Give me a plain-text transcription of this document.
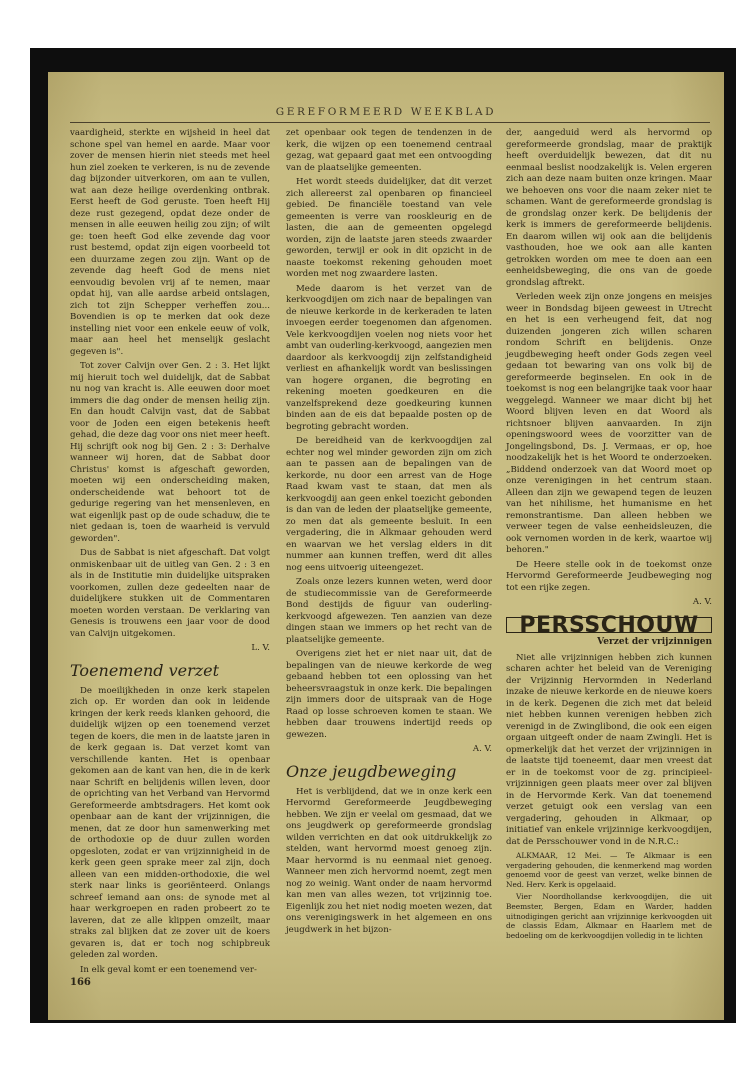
GEREFORMEERD WEEKBLAD

vaardigheid, sterkte en wijsheid in heel dat schone spel van hemel en aarde. Maar voor zover de mensen hierin niet steeds met heel hun ziel zoeken te verkeren, is nu de zevende dag bijzonder uitverkoren, om aan te vullen, wat aan deze heilige overdenking ontbrak. Eerst heeft de God geruste. Toen heeft Hij deze rust gezegend, opdat deze onder de mensen in alle eeuwen heilig zou zijn; of wilt ge: toen heeft God elke zevende dag voor rust bestemd, opdat zijn eigen voorbeeld tot een duurzame zegen zou zijn. Want op de zevende dag heeft God de mens niet eenvoudig bevolen vrij af te nemen, maar opdat hij, van alle aardse arbeid ontslagen, zich tot zijn Schepper verheffen zou... Bovendien is op te merken dat ook deze instelling niet voor een enkele eeuw of volk, maar aan heel het menselijk geslacht gegeven is".

Tot zover Calvijn over Gen. 2 : 3. Het lijkt mij hieruit toch wel duidelijk, dat de Sabbat nu nog van kracht is. Alle eeuwen door moet immers die dag onder de mensen heilig zijn. En dan houdt Calvijn vast, dat de Sabbat voor de Joden een eigen betekenis heeft gehad, die deze dag voor ons niet meer heeft. Hij schrijft ook nog bij Gen. 2 : 3: Derhalve wanneer wij horen, dat de Sabbat door Christus' komst is afgeschaft geworden, moeten wij een onderscheiding maken, onderscheidende wat behoort tot de gedurige regering van het mensenleven, en wat eigenlijk past op de oude schaduw, die te niet gedaan is, toen de waarheid is vervuld geworden".

Dus de Sabbat is niet afgeschaft. Dat volgt onmiskenbaar uit de uitleg van Gen. 2 : 3 en als in de Institutie min duidelijke uitspraken voorkomen, zullen deze gedeelten naar de duidelijkere stukken uit de Commentaren moeten worden verstaan. De verklaring van Genesis is trouwens een jaar voor de dood van Calvijn uitgekomen.

L. V.
Toenemend verzet

De moeilijkheden in onze kerk stapelen zich op. Er worden dan ook in leidende kringen der kerk reeds klanken gehoord, die duidelijk wijzen op een toenemend verzet tegen de koers, die men in de laatste jaren in de kerk gegaan is. Dat verzet komt van verschillende kanten. Het is openbaar gekomen aan de kant van hen, die in de kerk naar Schrift en belijdenis willen leven, door de oprichting van het Verband van Hervormd Gereformeerde ambtsdragers. Het komt ook openbaar aan de kant der vrijzinnigen, die menen, dat ze door hun samenwerking met de orthodoxie op de duur zullen worden opgesloten, zodat er van vrijzinnigheid in de kerk geen geen sprake meer zal zijn, doch alleen van een midden-orthodoxie, die wel sterk naar links is georiënteerd. Onlangs schreef iemand aan ons: de synode met al haar werkgroepen en raden probeert zo te laveren, dat ze alle klippen omzeilt, maar straks zal blijken dat ze zover uit de koers gevaren is, dat er toch nog schipbreuk geleden zal worden.

In elk geval komt er een toenemend ver-

zet openbaar ook tegen de tendenzen in de kerk, die wijzen op een toenemend centraal gezag, wat gepaard gaat met een ontvoogding van de plaatselijke gemeenten.

Het wordt steeds duidelijker, dat dit verzet zich allereerst zal openbaren op financieel gebied. De financiële toestand van vele gemeenten is verre van rooskleurig en de lasten, die aan de gemeenten opgelegd worden, zijn de laatste jaren steeds zwaarder geworden, terwijl er ook in dit opzicht in de naaste toekomst rekening gehouden moet worden met nog zwaardere lasten.

Mede daarom is het verzet van de kerkvoogdijen om zich naar de bepalingen van de nieuwe kerkorde in de kerkeraden te laten invoegen eerder toegenomen dan afgenomen. Vele kerkvoogdijen voelen nog niets voor het ambt van ouderling-kerkvoogd, aangezien men daardoor als kerkvoogdij zijn zelfstandigheid verliest en afhankelijk wordt van beslissingen van hogere organen, die begroting en rekening moeten goedkeuren en die vanzelfsprekend deze goedkeuring kunnen binden aan de eis dat bepaalde posten op de begroting gebracht worden.

De bereidheid van de kerkvoogdijen zal echter nog wel minder geworden zijn om zich aan te passen aan de bepalingen van de kerkorde, nu door een arrest van de Hoge Raad kwam vast te staan, dat men als kerkvoogdij aan geen enkel toezicht gebonden is dan van de leden der plaatselijke gemeente, zo men dat als gemeente besluit. In een vergadering, die in Alkmaar gehouden werd en waarvan we het verslag elders in dit nummer aan kunnen treffen, werd dit alles nog eens uitvoerig uiteengezet.

Zoals onze lezers kunnen weten, werd door de studiecommissie van de Gereformeerde Bond destijds de figuur van ouderling-kerkvoogd afgewezen. Ten aanzien van deze dingen staan we immers op het recht van de plaatselijke gemeente.

Overigens ziet het er niet naar uit, dat de bepalingen van de nieuwe kerkorde de weg gebaand hebben tot een oplossing van het beheersvraagstuk in onze kerk. Die bepalingen zijn immers door de uitspraak van de Hoge Raad op losse schroeven komen te staan. We hebben daar trouwens indertijd reeds op gewezen.

A. V.
Onze jeugdbeweging

Het is verblijdend, dat we in onze kerk een Hervormd Gereformeerde Jeugdbeweging hebben. We zijn er veelal om gesmaad, dat we ons jeugdwerk op gereformeerde grondslag wilden verrichten en dat ook uitdrukkelijk zo stelden, want hervormd moest genoeg zijn. Maar hervormd is nu eenmaal niet genoeg. Wanneer men zich hervormd noemt, zegt men nog zo weinig. Want onder de naam hervormd kan men van alles wezen, tot vrijzinnig toe. Eigenlijk zou het niet nodig moeten wezen, dat ons verenigingswerk in het algemeen en ons jeugdwerk in het bijzon-

der, aangeduid werd als hervormd op gereformeerde grondslag, maar de praktijk heeft overduidelijk bewezen, dat dit nu eenmaal beslist noodzakelijk is. Velen ergeren zich aan deze naam buiten onze kringen. Maar we behoeven ons voor die naam zeker niet te schamen. Want de gereformeerde grondslag is de grondslag onzer kerk. De belijdenis der kerk is immers de gereformeerde belijdenis. En daarom willen wij ook aan die belijdenis vasthouden, hoe we ook aan alle kanten getrokken worden om mee te doen aan een eenheidsbeweging, die ons van de goede grondslag aftrekt.

Verleden week zijn onze jongens en meisjes weer in Bondsdag bijeen geweest in Utrecht en het is een verheugend feit, dat nog duizenden jongeren zich willen scharen rondom Schrift en belijdenis. Onze jeugdbeweging heeft onder Gods zegen veel gedaan tot bewaring van ons volk bij de gereformeerde beginselen. En ook in de toekomst is nog een belangrijke taak voor haar weggelegd. Wanneer we maar dicht bij het Woord blijven leven en dat Woord als richtsnoer blijven aanvaarden. In zijn openingswoord wees de voorzitter van de Jongelingsbond, Ds. J. Vermaas, er op, hoe noodzakelijk het is het Woord te onderzoeken. „Biddend onderzoek van dat Woord moet op onze verenigingen in het centrum staan. Alleen dan zijn we gewapend tegen de leuzen van het nihilisme, het humanisme en het remonstrantisme. Dan alleen hebben we verweer tegen de valse eenheidsleuzen, die ook vernomen worden in de kerk, waartoe wij behoren."

De Heere stelle ook in de toekomst onze Hervormd Gereformeerde Jeudbeweging nog tot een rijke zegen.

A. V.
PERSSCHOUW
Verzet der vrijzinnigen

Niet alle vrijzinnigen hebben zich kunnen scharen achter het beleid van de Vereniging der Vrijzinnig Hervormden in Nederland inzake de nieuwe kerkorde en de nieuwe koers in de kerk. Degenen die zich met dat beleid niet hebben kunnen verenigen hebben zich verenigd in de Zwinglibond, die ook een eigen orgaan uitgeeft onder de naam Zwingli. Het is opmerkelijk dat het verzet der vrijzinnigen in de laatste tijd toeneemt, daar men vreest dat er in de toekomst voor de zg. principieel-vrijzinnigen geen plaats meer over zal blijven in de Hervormde Kerk. Van dat toenemend verzet getuigt ook een verslag van een vergadering, gehouden in Alkmaar, op initiatief van enkele vrijzinnige kerkvoogdijen, dat de Persschouwer vond in de N.R.C.:

ALKMAAR, 12 Mei. — Te Alkmaar is een vergadering gehouden, die kenmerkend mag worden genoemd voor de geest van verzet, welke binnen de Ned. Herv. Kerk is opgelaaid.

Vier Noordhollandse kerkvoogdijen, die uit Beemster, Bergen, Edam en Warder, hadden uitnodigingen gericht aan vrijzinnige kerkvoogden uit de classis Edam, Alkmaar en Haarlem met de bedoeling om de kerkvoogdijen volledig in te lichten

166
